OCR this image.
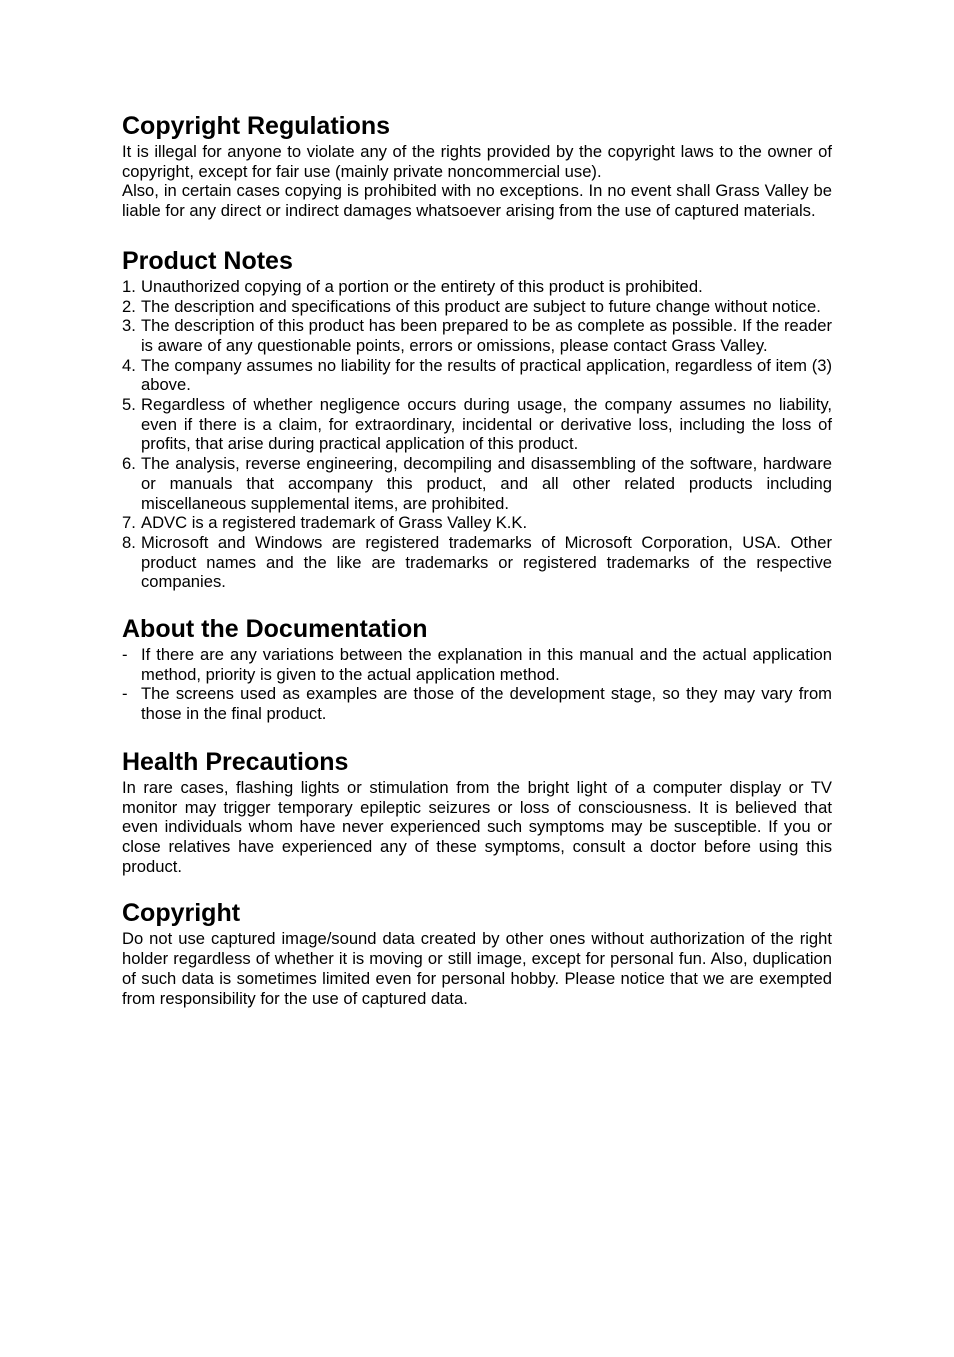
Copyright Regulations

It is illegal for anyone to violate any of the rights provided by the copyright laws to the owner of copyright, except for fair use (mainly private noncommercial use).

Also, in certain cases copying is prohibited with no exceptions. In no event shall Grass Valley be liable for any direct or indirect damages whatsoever arising from the use of captured materials.

Product Notes
1. Unauthorized copying of a portion or the entirety of this product is prohibited.
2. The description and specifications of this product are subject to future change without notice.
3. The description of this product has been prepared to be as complete as possible. If the reader is aware of any questionable points, errors or omissions, please contact Grass Valley.
4. The company assumes no liability for the results of practical application, regardless of item (3) above.
5. Regardless of whether negligence occurs during usage, the company assumes no liability, even if there is a claim, for extraordinary, incidental or derivative loss, including the loss of profits, that arise during practical application of this product.
6. The analysis, reverse engineering, decompiling and disassembling of the software, hardware or manuals that accompany this product, and all other related products including miscellaneous supplemental items, are prohibited.
7. ADVC is a registered trademark of Grass Valley K.K.
8. Microsoft and Windows are registered trademarks of Microsoft Corporation, USA. Other product names and the like are trademarks or registered trademarks of the respective companies.
About the Documentation
- If there are any variations between the explanation in this manual and the actual application method, priority is given to the actual application method.
- The screens used as examples are those of the development stage, so they may vary from those in the final product.
Health Precautions

In rare cases, flashing lights or stimulation from the bright light of a computer display or TV monitor may trigger temporary epileptic seizures or loss of consciousness. It is believed that even individuals whom have never experienced such symptoms may be susceptible. If you or close relatives have experienced any of these symptoms, consult a doctor before using this product.

Copyright

Do not use captured image/sound data created by other ones without authorization of the right holder regardless of whether it is moving or still image, except for personal fun. Also, duplication of such data is sometimes limited even for personal hobby. Please notice that we are exempted from responsibility for the use of captured data.
